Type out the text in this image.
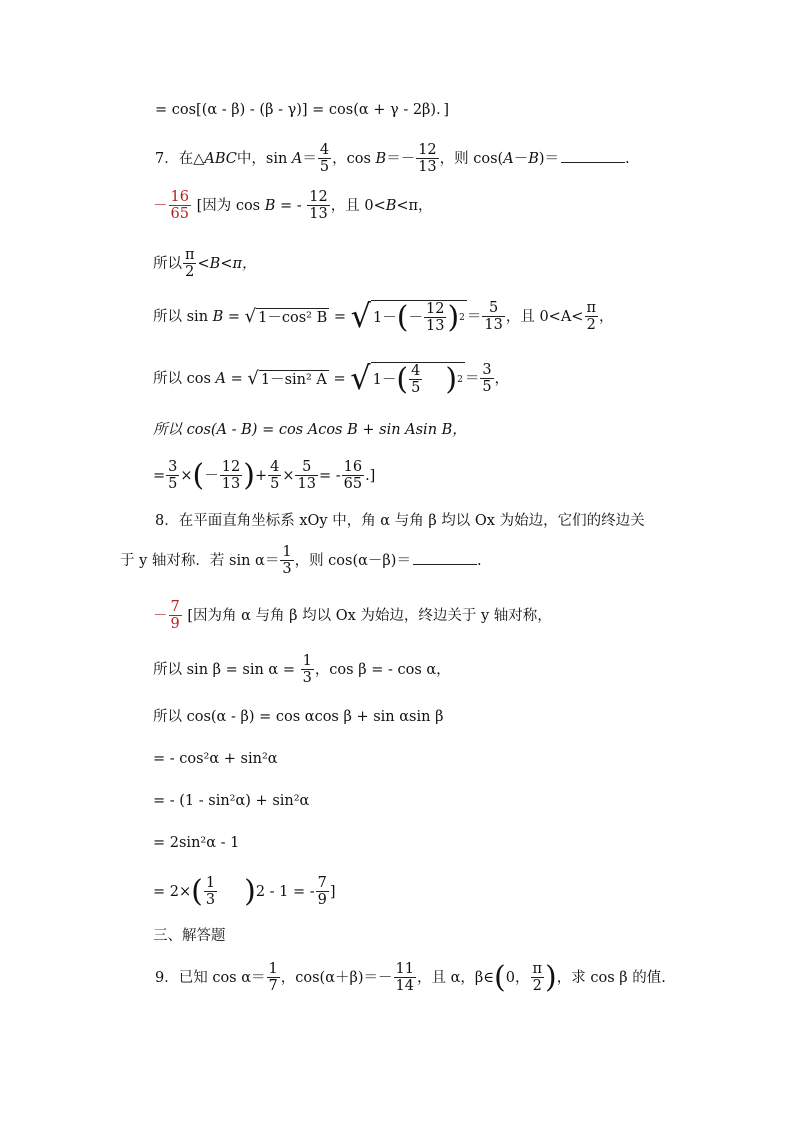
= cos[(α - β) - (β - γ)] = cos(α + γ - 2β)．]
7．在△ABC中，$\sin A= \frac{4}{5}$ ，$\cos B=- \frac{12}{13}$ ，则 cos(A－B)＝	.
－ $\frac{16}{65}$ [因为 cos B = - $\frac{12}{13}$ ，且 0<B<π，
所以 $\frac{\pi}{2} <B<\pi$，
所以 sin B = √ 1－cos² B = √ 1－ ( － $\frac{12}{13}$ ) $2 = \frac{5}{13}$ ，且 $0<A< \frac{\pi}{2}$ ，
所以 cos A = √ 1－sin² A = √ 1－ ( $\frac{4}{5}$ ) $2 = \frac{3}{5}$ ，
所以 cos(A - B) = cos Acos B + sin Asin B，
= $\frac{3}{5}$ ×(－ $\frac{12}{13}$ )+ $\frac{4}{5} \times \frac{5}{13}$ = - $\frac{16}{65}$ .]
8．在平面直角坐标系 xOy 中，角 α 与角 β 均以 Ox 为始边，它们的终边关
于 y 轴对称．若 $\sin \alpha= \frac{1}{3}$ ，则 cos(α－β)＝	.
－ $\frac{7}{9}$ [因为角 α 与角 β 均以 Ox 为始边，终边关于 y 轴对称，
所以 $\sin \beta = \sin \alpha = \frac{1}{3}$ ，cos β = - cos α，
所以 cos(α - β) = cos αcos β + sin αsin β
= - cos²α + sin²α
= - (1 - sin²α) + sin²α
= 2sin²α - 1
= $2\times( \frac{1}{3} )2 - 1$ = - $\frac{7}{9}$ ]
三、解答题
9．已知 $\cos \alpha= \frac{1}{7}$ ，$\cos(\alpha+\beta)=- \frac{11}{14}$ ，且 α，β∈(0， $\frac{\pi}{2}$ )，求 cos β 的值.
